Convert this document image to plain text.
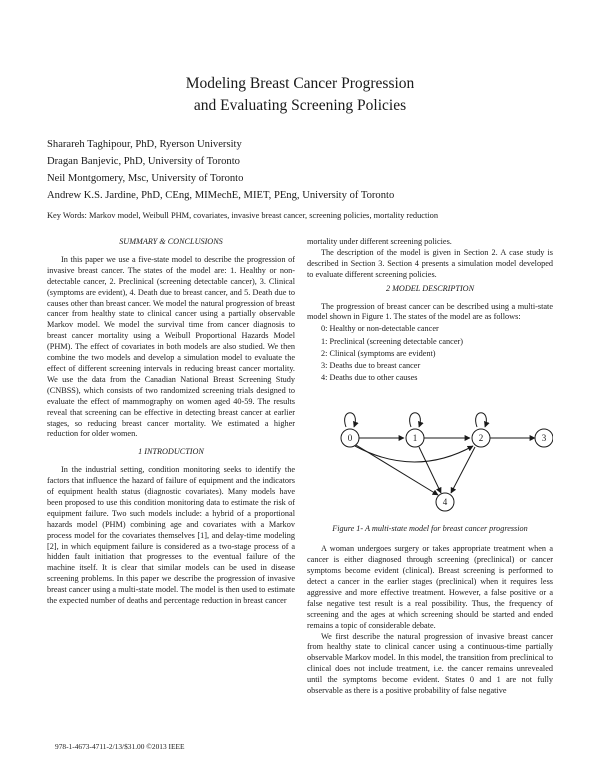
Modeling Breast Cancer Progression
and Evaluating Screening Policies
Sharareh Taghipour, PhD, Ryerson University
Dragan Banjevic, PhD, University of Toronto
Neil Montgomery, Msc, University of Toronto
Andrew K.S. Jardine, PhD, CEng, MIMechE, MIET, PEng, University of Toronto
Key Words: Markov model, Weibull PHM, covariates, invasive breast cancer, screening policies, mortality reduction
SUMMARY & CONCLUSIONS

In this paper we use a five-state model to describe the progression of invasive breast cancer. The states of the model are: 1. Healthy or non-detectable cancer, 2. Preclinical (screening detectable cancer), 3. Clinical (symptoms are evident), 4. Death due to breast cancer, and 5. Death due to causes other than breast cancer. We model the natural progression of breast cancer from healthy state to clinical cancer using a partially observable Markov model. We model the survival time from cancer diagnosis to breast cancer mortality using a Weibull Proportional Hazards Model (PHM). The effect of covariates in both models are also studied. We then combine the two models and develop a simulation model to evaluate the effect of different screening intervals in reducing breast cancer mortality. We use the data from the Canadian National Breast Screening Study (CNBSS), which consists of two randomized screening trials designed to evaluate the effect of mammography on women aged 40-59. The results reveal that screening can be effective in detecting breast cancer at earlier stages, so reducing breast cancer mortality. We estimated a higher reduction for older women.

1 INTRODUCTION

In the industrial setting, condition monitoring seeks to identify the factors that influence the hazard of failure of equipment and the indicators of equipment health status (diagnostic covariates). Many models have been proposed to use this condition monitoring data to estimate the risk of equipment failure. Two such models include: a hybrid of a proportional hazards model (PHM) combining age and covariates with a Markov process model for the covariates themselves [1], and delay-time modeling [2], in which equipment failure is considered as a two-stage process of a hidden fault initiation that progresses to the eventual failure of the machine itself. It is clear that similar models can be used in disease screening problems. In this paper we describe the progression of invasive breast cancer using a multi-state model. The model is then used to estimate the expected number of deaths and percentage reduction in breast cancer

mortality under different screening policies.

The description of the model is given in Section 2. A case study is described in Section 3. Section 4 presents a simulation model developed to evaluate different screening policies.

2 MODEL DESCRIPTION

The progression of breast cancer can be described using a multi-state model shown in Figure 1. The states of the model are as follows:

0: Healthy or non-detectable cancer
1: Preclinical (screening detectable cancer)
2: Clinical (symptoms are evident)
3: Deaths due to breast cancer
4: Deaths due to other causes
0	1	2	3
4
Figure 1- A multi-state model for breast cancer progression

A woman undergoes surgery or takes appropriate treatment when a cancer is either diagnosed through screening (preclinical) or cancer symptoms become evident (clinical). Breast screening is performed to detect a cancer in the earlier stages (preclinical) when it requires less aggressive and more effective treatment. However, a false positive or a false negative test result is a real possibility. Thus, the frequency of screening and the ages at which screening should be started and ended remains a topic of considerable debate.

We first describe the natural progression of invasive breast cancer from healthy state to clinical cancer using a continuous-time partially observable Markov model. In this model, the transition from preclinical to clinical does not include treatment, i.e. the cancer remains unrevealed until the symptoms become evident. States 0 and 1 are not fully observable as there is a positive probability of false negative

978-1-4673-4711-2/13/$31.00 ©2013 IEEE
